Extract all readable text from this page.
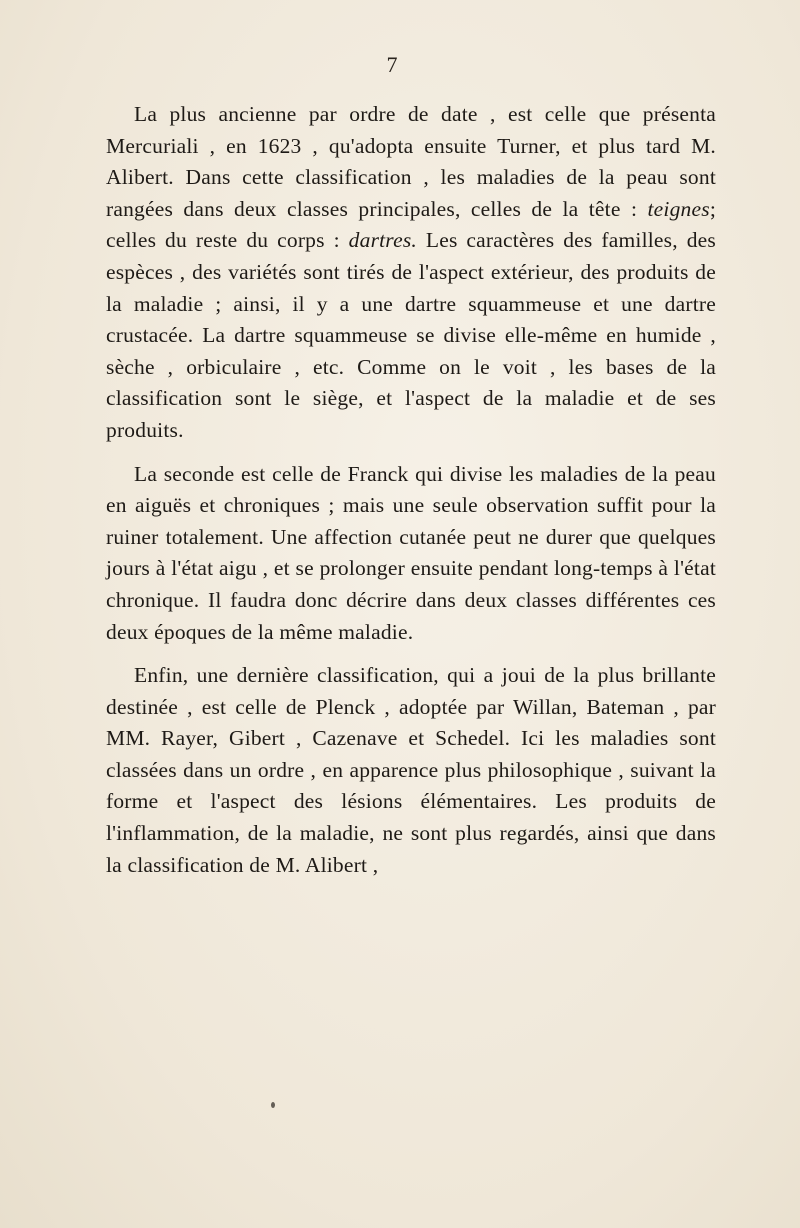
7

La plus ancienne par ordre de date , est celle que présenta Mercuriali , en 1623 , qu'adopta ensuite Turner, et plus tard M. Alibert. Dans cette classification , les maladies de la peau sont rangées dans deux classes principales, celles de la tête : teignes; celles du reste du corps : dartres. Les caractères des familles, des espèces , des variétés sont tirés de l'aspect extérieur, des produits de la maladie ; ainsi, il y a une dartre squammeuse et une dartre crustacée. La dartre squammeuse se divise elle-même en humide , sèche , orbiculaire , etc. Comme on le voit , les bases de la classification sont le siège, et l'aspect de la maladie et de ses produits.

La seconde est celle de Franck qui divise les maladies de la peau en aiguës et chroniques ; mais une seule observation suffit pour la ruiner totalement. Une affection cutanée peut ne durer que quelques jours à l'état aigu , et se prolonger ensuite pendant long-temps à l'état chronique. Il faudra donc décrire dans deux classes différentes ces deux époques de la même maladie.

Enfin, une dernière classification, qui a joui de la plus brillante destinée , est celle de Plenck , adoptée par Willan, Bateman , par MM. Rayer, Gibert , Cazenave et Schedel. Ici les maladies sont classées dans un ordre , en apparence plus philosophique , suivant la forme et l'aspect des lésions élémentaires. Les produits de l'inflammation, de la maladie, ne sont plus regardés, ainsi que dans la classification de M. Alibert ,
